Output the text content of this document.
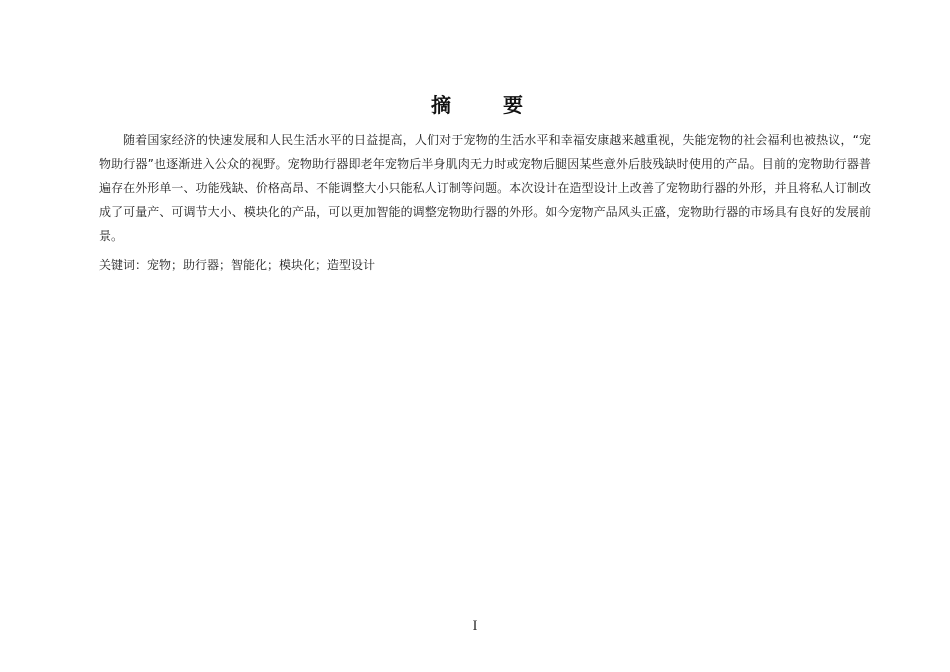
摘　要
随着国家经济的快速发展和人民生活水平的日益提高，人们对于宠物的生活水平和幸福安康越来越重视，失能宠物的社会福利也被热议，“宠物助行器”也逐渐进入公众的视野。宠物助行器即老年宠物后半身肌肉无力时或宠物后腿因某些意外后肢残缺时使用的产品。目前的宠物助行器普遍存在外形单一、功能残缺、价格高昂、不能调整大小只能私人订制等问题。本次设计在造型设计上改善了宠物助行器的外形，并且将私人订制改成了可量产、可调节大小、模块化的产品，可以更加智能的调整宠物助行器的外形。如今宠物产品风头正盛，宠物助行器的市场具有良好的发展前景。
关键词：宠物；助行器；智能化；模块化；造型设计
I
